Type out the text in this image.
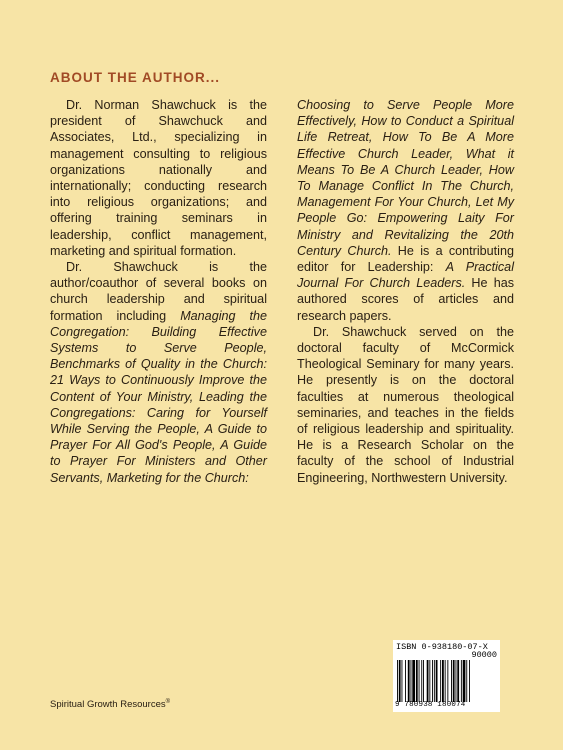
ABOUT THE AUTHOR...

Dr. Norman Shawchuck is the president of Shawchuck and Associates, Ltd., specializing in management consulting to religious organizations nationally and internationally; conducting research into religious organizations; and offering training seminars in leadership, conflict management, marketing and spiritual formation.

Dr. Shawchuck is the author/coauthor of several books on church leadership and spiritual formation including Managing the Congregation: Building Effective Systems to Serve People, Benchmarks of Quality in the Church: 21 Ways to Continuously Improve the Content of Your Ministry, Leading the Congregations: Caring for Yourself While Serving the People, A Guide to Prayer For All God's People, A Guide to Prayer For Ministers and Other Servants, Marketing for the Church:

Choosing to Serve People More Effectively, How to Conduct a Spiritual Life Retreat, How To Be A More Effective Church Leader, What it Means To Be A Church Leader, How To Manage Conflict In The Church, Management For Your Church, Let My People Go: Empowering Laity For Ministry and Revitalizing the 20th Century Church. He is a contributing editor for Leadership: A Practical Journal For Church Leaders. He has authored scores of articles and research papers.

Dr. Shawchuck served on the doctoral faculty of McCormick Theological Seminary for many years. He presently is on the doctoral faculties at numerous theological seminaries, and teaches in the fields of religious leadership and spirituality. He is a Research Scholar on the faculty of the school of Industrial Engineering, Northwestern University.

ISBN 0-938180-07-X
90000
9 780938 180074
Spiritual Growth Resources®
